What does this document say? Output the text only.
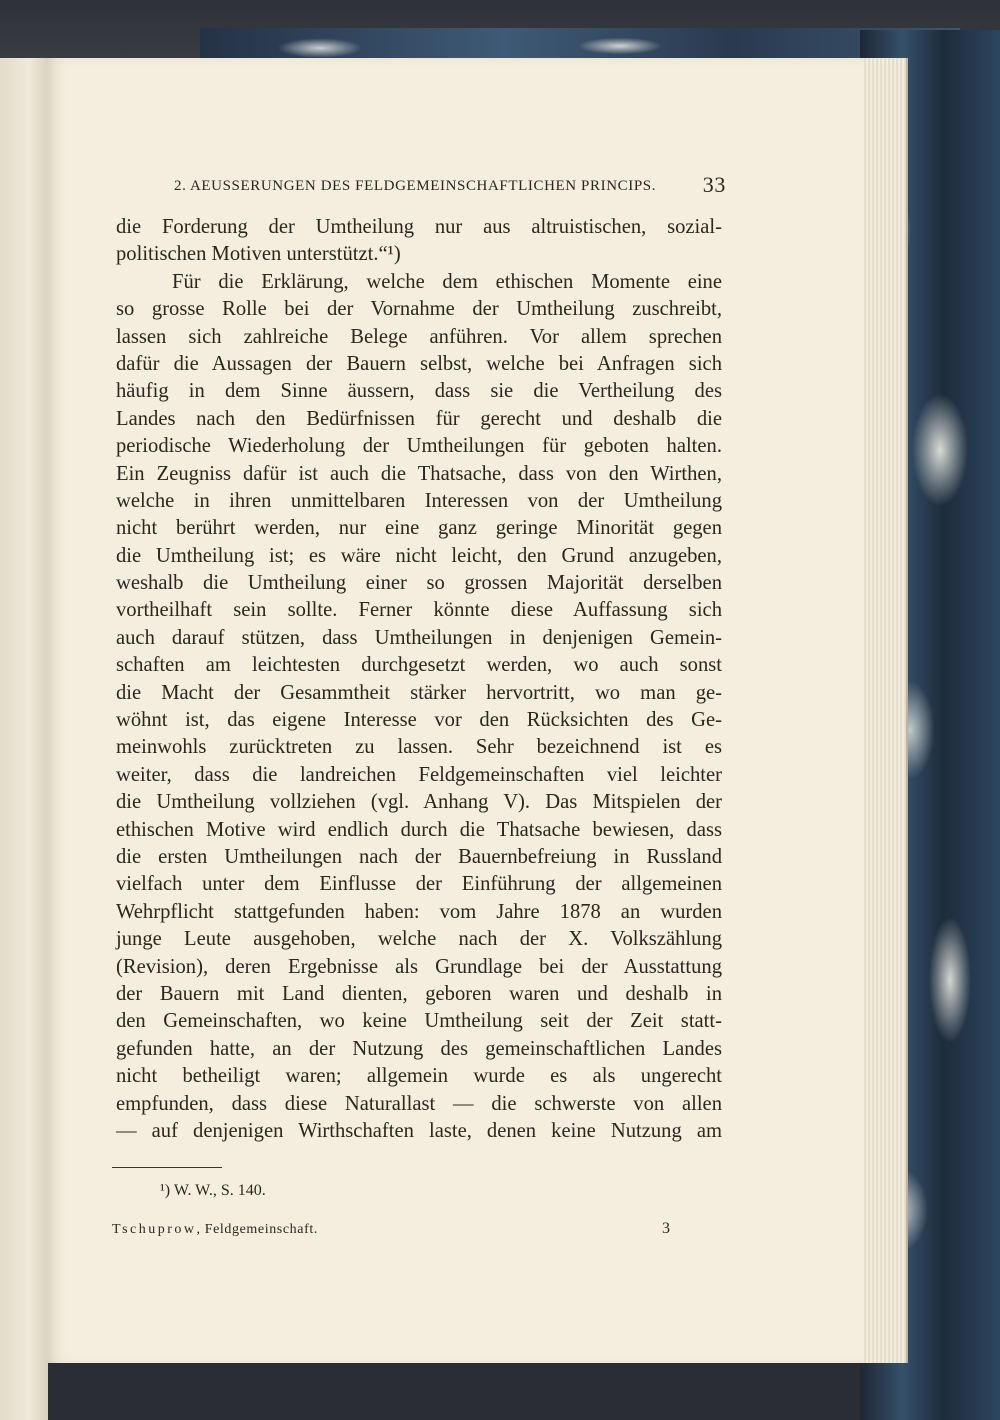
2. AEUSSERUNGEN DES FELDGEMEINSCHAFTLICHEN PRINCIPS. 33
die Forderung der Umtheilung nur aus altruistischen, sozial-
politischen Motiven unterstützt.“¹)
Für die Erklärung, welche dem ethischen Momente eine
so grosse Rolle bei der Vornahme der Umtheilung zuschreibt,
lassen sich zahlreiche Belege anführen. Vor allem sprechen
dafür die Aussagen der Bauern selbst, welche bei Anfragen sich
häufig in dem Sinne äussern, dass sie die Vertheilung des
Landes nach den Bedürfnissen für gerecht und deshalb die
periodische Wiederholung der Umtheilungen für geboten halten.
Ein Zeugniss dafür ist auch die Thatsache, dass von den Wirthen,
welche in ihren unmittelbaren Interessen von der Umtheilung
nicht berührt werden, nur eine ganz geringe Minorität gegen
die Umtheilung ist; es wäre nicht leicht, den Grund anzugeben,
weshalb die Umtheilung einer so grossen Majorität derselben
vortheilhaft sein sollte. Ferner könnte diese Auffassung sich
auch darauf stützen, dass Umtheilungen in denjenigen Gemein-
schaften am leichtesten durchgesetzt werden, wo auch sonst
die Macht der Gesammtheit stärker hervortritt, wo man ge-
wöhnt ist, das eigene Interesse vor den Rücksichten des Ge-
meinwohls zurücktreten zu lassen. Sehr bezeichnend ist es
weiter, dass die landreichen Feldgemeinschaften viel leichter
die Umtheilung vollziehen (vgl. Anhang V). Das Mitspielen der
ethischen Motive wird endlich durch die Thatsache bewiesen, dass
die ersten Umtheilungen nach der Bauernbefreiung in Russland
vielfach unter dem Einflusse der Einführung der allgemeinen
Wehrpflicht stattgefunden haben: vom Jahre 1878 an wurden
junge Leute ausgehoben, welche nach der X. Volkszählung
(Revision), deren Ergebnisse als Grundlage bei der Ausstattung
der Bauern mit Land dienten, geboren waren und deshalb in
den Gemeinschaften, wo keine Umtheilung seit der Zeit statt-
gefunden hatte, an der Nutzung des gemeinschaftlichen Landes
nicht betheiligt waren; allgemein wurde es als ungerecht
empfunden, dass diese Naturallast — die schwerste von allen
— auf denjenigen Wirthschaften laste, denen keine Nutzung am
¹) W. W., S. 140.
Tschuprow, Feldgemeinschaft.	3
